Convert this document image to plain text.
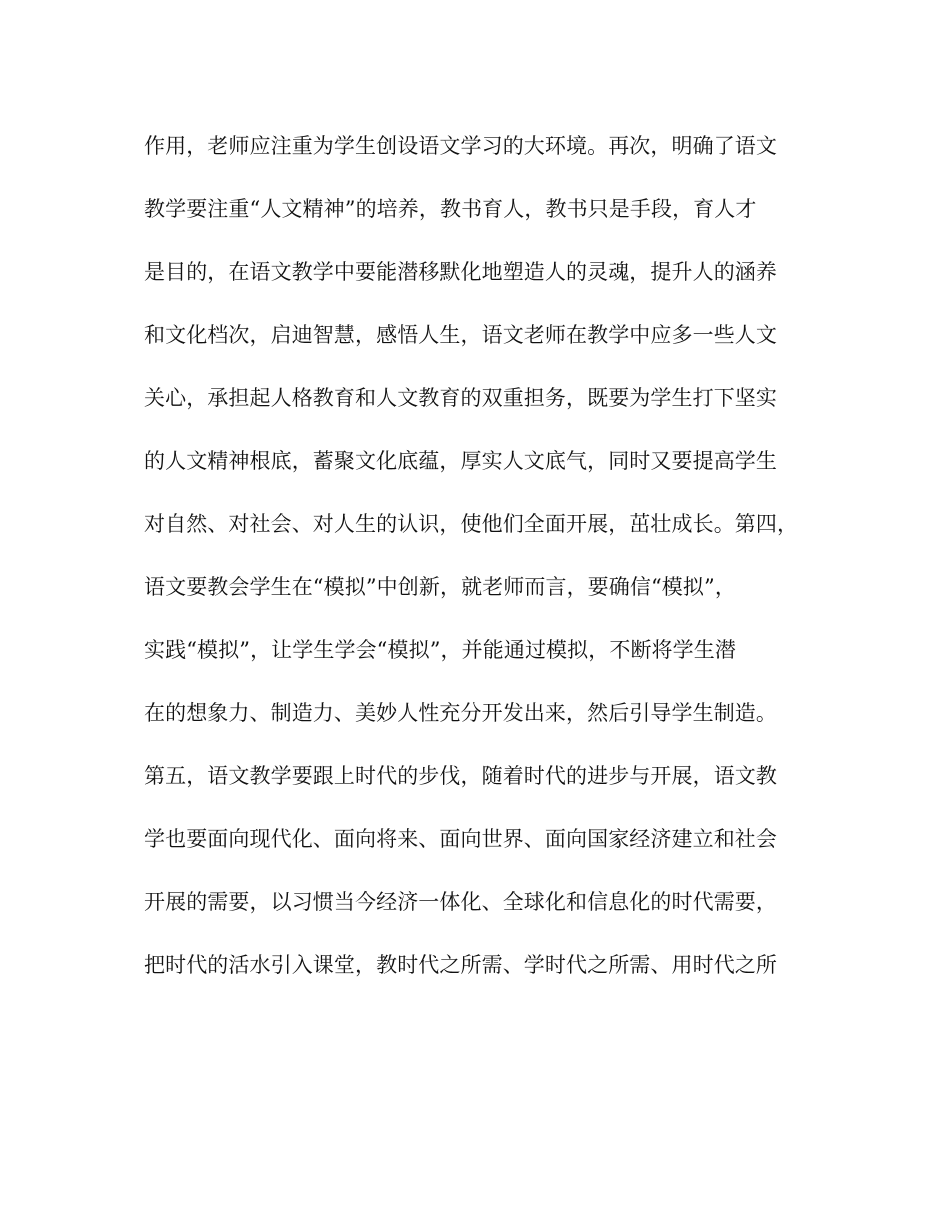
作用，老师应注重为学生创设语文学习的大环境。再次，明确了语文
教学要注重“人文精神”的培养，教书育人，教书只是手段，育人才
是目的，在语文教学中要能潜移默化地塑造人的灵魂，提升人的涵养
和文化档次，启迪智慧，感悟人生，语文老师在教学中应多一些人文
关心，承担起人格教育和人文教育的双重担务，既要为学生打下坚实
的人文精神根底，蓄聚文化底蕴，厚实人文底气，同时又要提高学生
对自然、对社会、对人生的认识，使他们全面开展，茁壮成长。第四，
语文要教会学生在“模拟”中创新，就老师而言，要确信“模拟”，
实践“模拟”，让学生学会“模拟”，并能通过模拟，不断将学生潜
在的想象力、制造力、美妙人性充分开发出来，然后引导学生制造。
第五，语文教学要跟上时代的步伐，随着时代的进步与开展，语文教
学也要面向现代化、面向将来、面向世界、面向国家经济建立和社会
开展的需要，以习惯当今经济一体化、全球化和信息化的时代需要，
把时代的活水引入课堂，教时代之所需、学时代之所需、用时代之所
